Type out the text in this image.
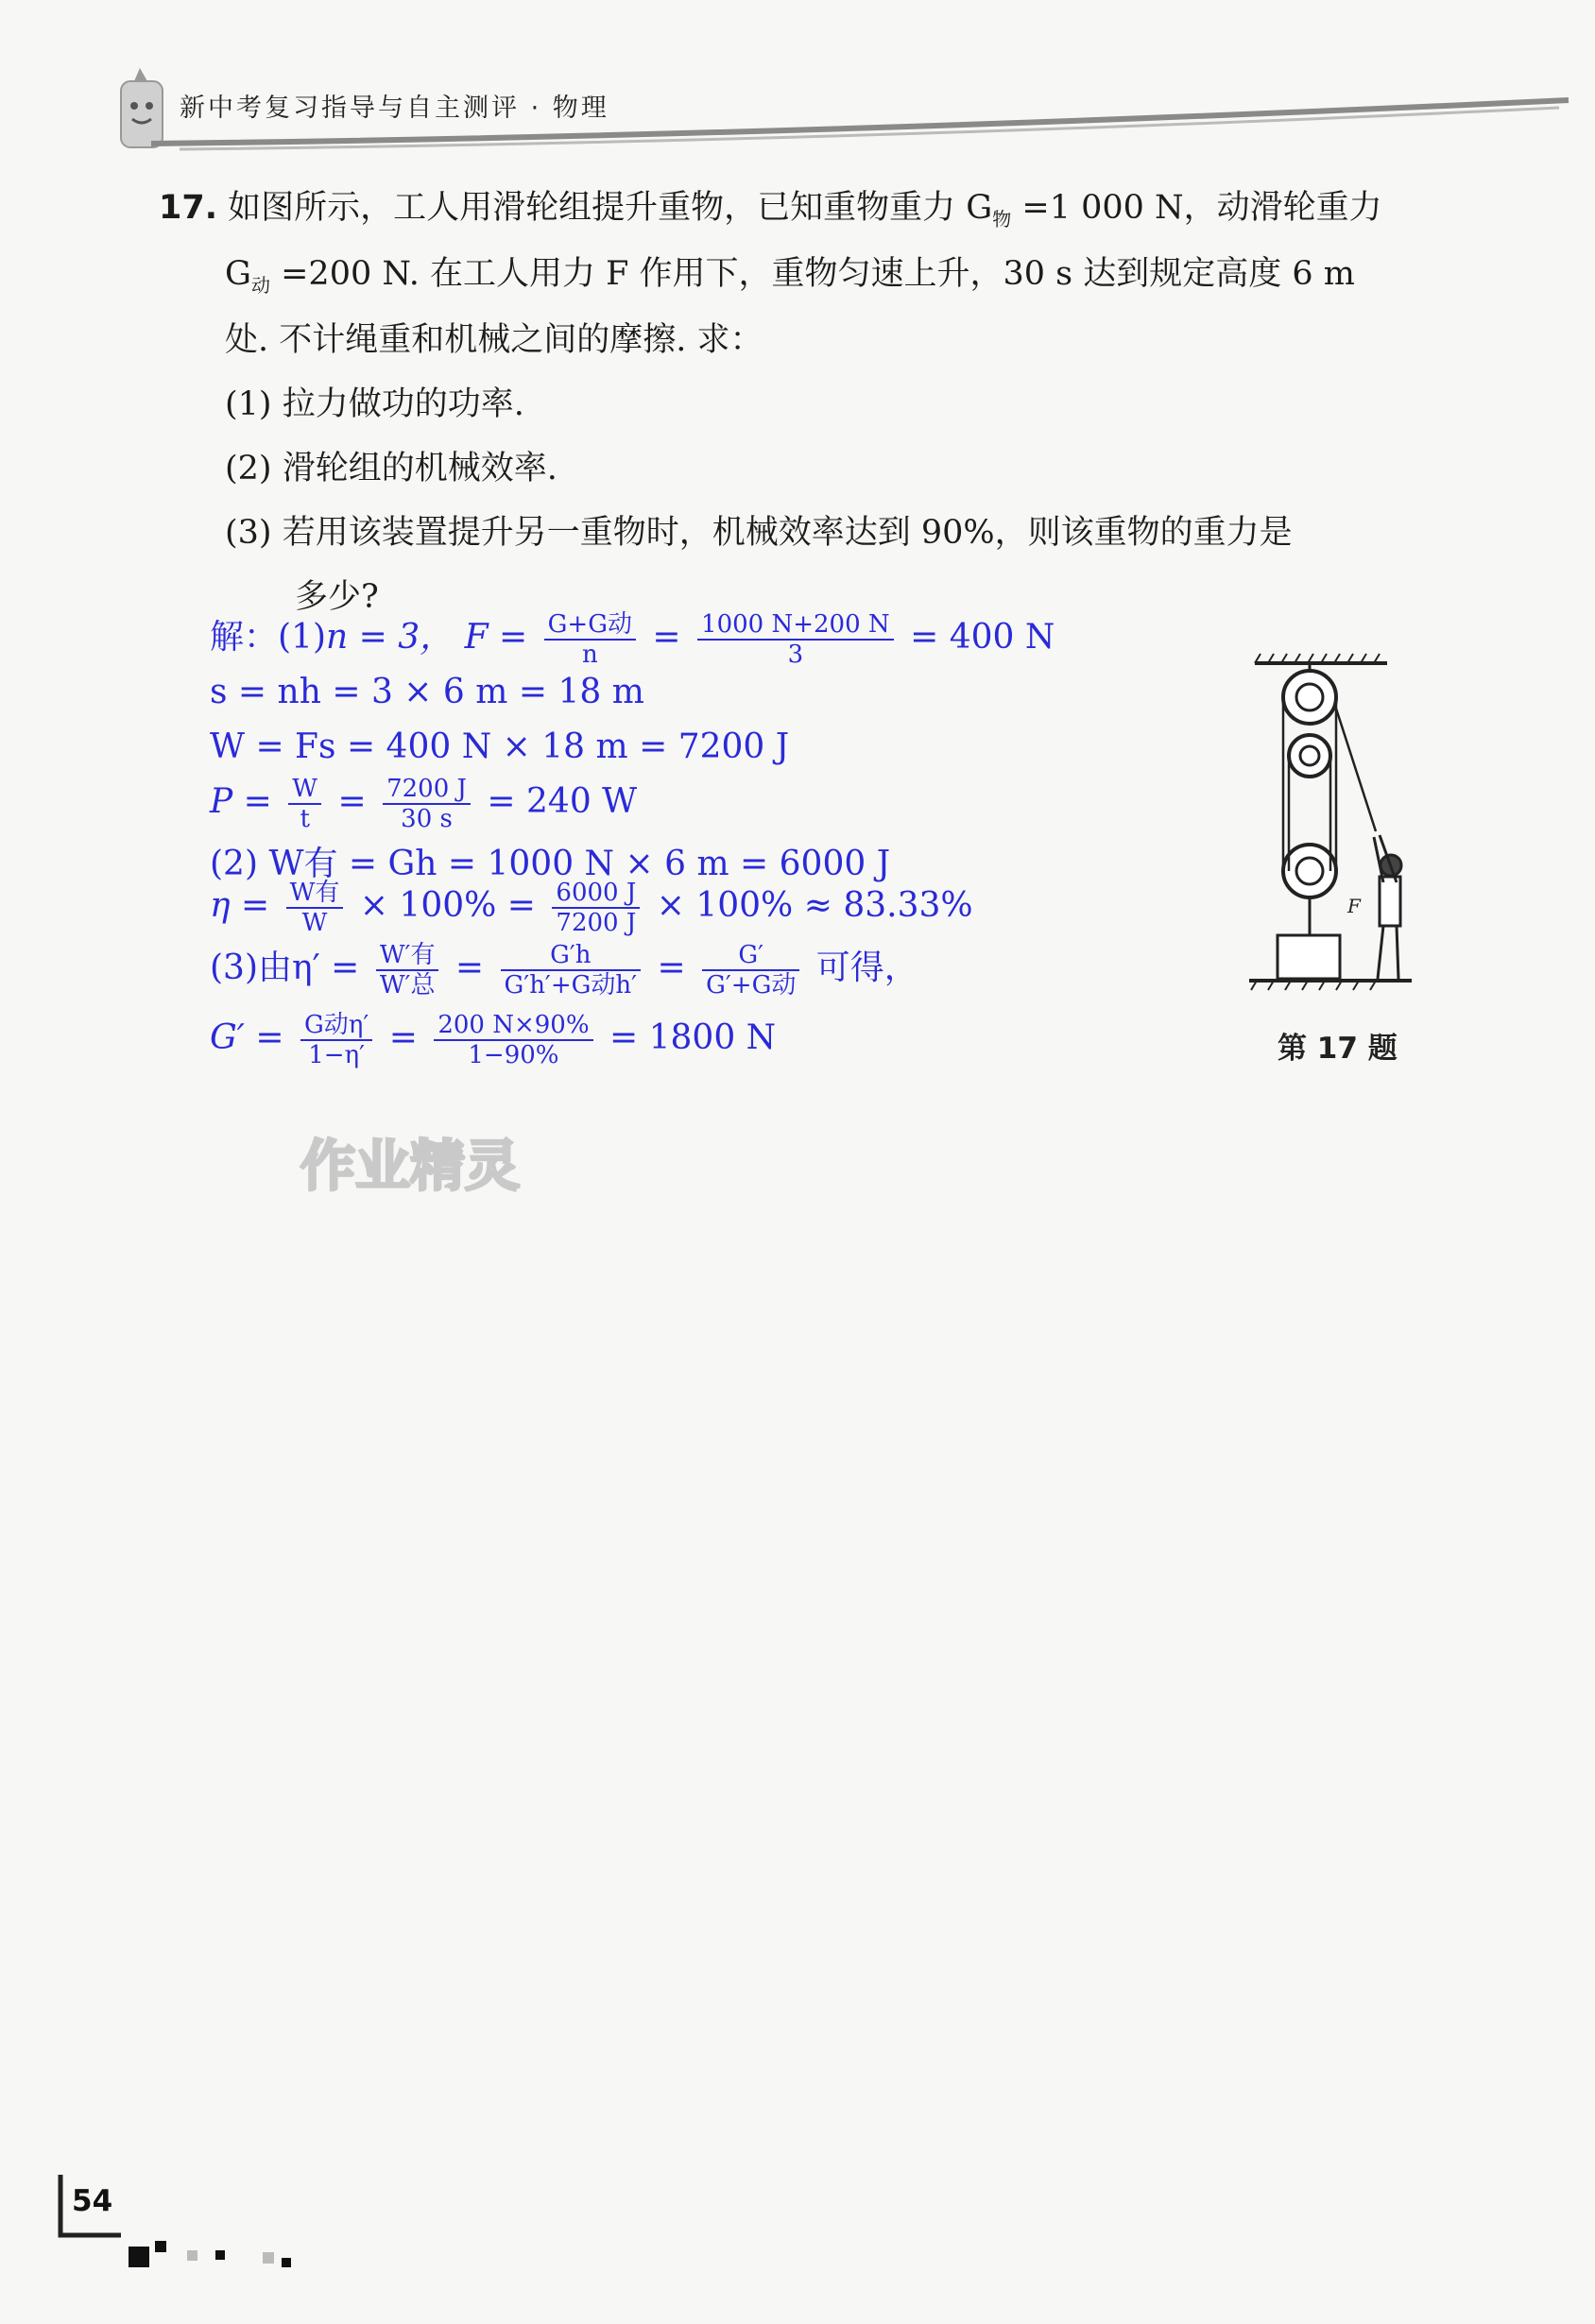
新中考复习指导与自主测评 · 物理
17. 如图所示，工人用滑轮组提升重物，已知重物重力 $G_物 =1$ 000 N，动滑轮重力
$G_动 =200$ N. 在工人用力 F 作用下，重物匀速上升，30 s 达到规定高度 6 m
处. 不计绳重和机械之间的摩擦. 求：
(1) 拉力做功的功率.
(2) 滑轮组的机械效率.
(3) 若用该装置提升另一重物时，机械效率达到 90%，则该重物的重力是
多少?
解：(1)n = 3， $F = \frac{\text{G+G动}}{n} = \frac{1000 N+200 N}{3} = 400$ N
s = nh = 3 × 6 m = 18 m
W = Fs = 400 N × 18 m = 7200 J
$P = \frac{W}{t} = \frac{7200 J}{30 s} = 240$ W
(2) W有 = Gh = 1000 N × 6 m = 6000 J
$\eta = \frac{\text{W有}}{W} \times 100\% = \frac{6000 J}{7200 J} \times 100\% \approx 83.33\%$
(3)由$\eta' = \frac{\text{W′有}}{\text{W′总}} = \frac{G'h}{\text{G′h′+G动h′}} = \frac{G'}{\text{G′+G动}}$ 可得，
$G' = \frac{\text{G动η′}}{1-\eta'} = \frac{200 N\times 90\%}{1-90\%} = 1800$ N
F
第 17 题
作业精灵
54
